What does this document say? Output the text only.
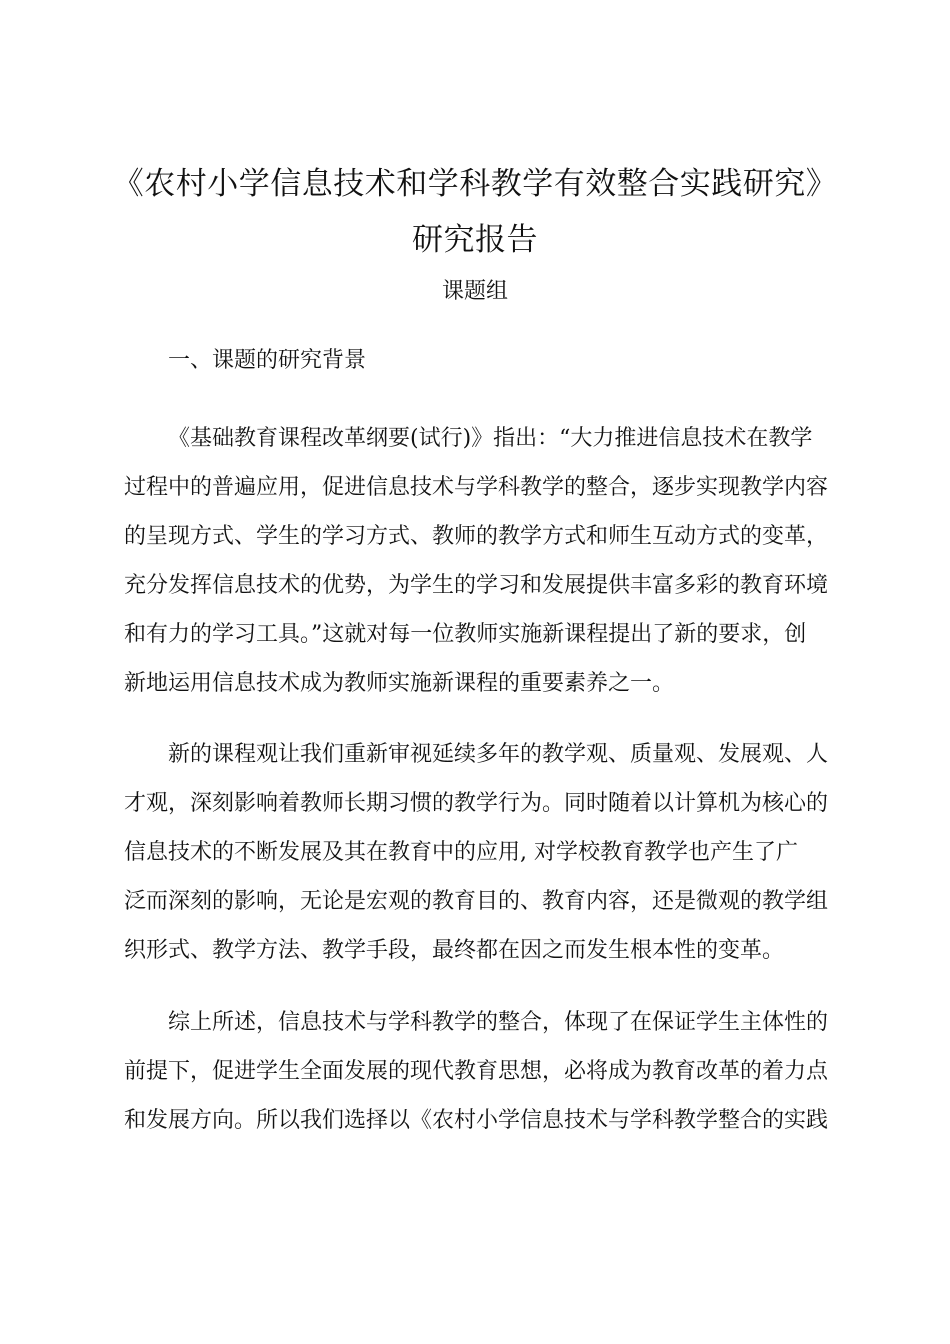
《农村小学信息技术和学科教学有效整合实践研究》
研究报告
课题组
一、课题的研究背景
《基础教育课程改革纲要(试行)》指出：“大力推进信息技术在教学
过程中的普遍应用，促进信息技术与学科教学的整合，逐步实现教学内容
的呈现方式、学生的学习方式、教师的教学方式和师生互动方式的变革，
充分发挥信息技术的优势，为学生的学习和发展提供丰富多彩的教育环境
和有力的学习工具。”这就对每一位教师实施新课程提出了新的要求，创
新地运用信息技术成为教师实施新课程的重要素养之一。
新的课程观让我们重新审视延续多年的教学观、质量观、发展观、人
才观，深刻影响着教师长期习惯的教学行为。同时随着以计算机为核心的
信息技术的不断发展及其在教育中的应用, 对学校教育教学也产生了广
泛而深刻的影响，无论是宏观的教育目的、教育内容，还是微观的教学组
织形式、教学方法、教学手段，最终都在因之而发生根本性的变革。
综上所述，信息技术与学科教学的整合，体现了在保证学生主体性的
前提下，促进学生全面发展的现代教育思想，必将成为教育改革的着力点
和发展方向。所以我们选择以《农村小学信息技术与学科教学整合的实践
